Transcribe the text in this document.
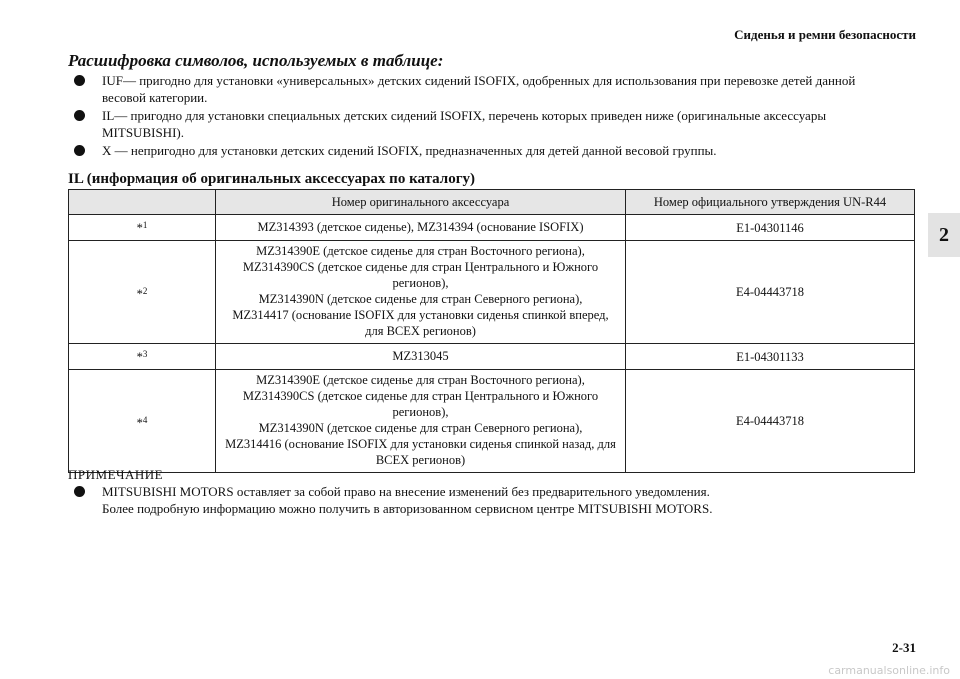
Сиденья и ремни безопасности
2
Расшифровка символов, используемых в таблице:
IUF— пригодно для установки «универсальных» детских сидений ISOFIX, одобренных для использования при перевозке детей данной весовой категории.
IL— пригодно для установки специальных детских сидений ISOFIX, перечень которых приведен ниже (оригинальные аксессуары MITSUBISHI).
X — непригодно для установки детских сидений ISOFIX, предназначенных для детей данной весовой группы.
IL (информация об оригинальных аксессуарах по каталогу)
	Номер оригинального аксессуара	Номер официального утверждения UN-R44
*$^1$	MZ314393 (детское сиденье), MZ314394 (основание ISOFIX)	E1-04301146
*$^2$	MZ314390E (детское сиденье для стран Восточного региона),
MZ314390CS (детское сиденье для стран Центрального и Южного регионов),
MZ314390N (детское сиденье для стран Северного региона),
MZ314417 (основание ISOFIX для установки сиденья спинкой вперед, для ВСЕХ регионов)	E4-04443718
*$^3$	MZ313045	E1-04301133
*$^4$	MZ314390E (детское сиденье для стран Восточного региона),
MZ314390CS (детское сиденье для стран Центрального и Южного регионов),
MZ314390N (детское сиденье для стран Северного региона),
MZ314416 (основание ISOFIX для установки сиденья спинкой назад, для ВСЕХ регионов)	E4-04443718
ПРИМЕЧАНИЕ
MITSUBISHI MOTORS оставляет за собой право на внесение изменений без предварительного уведомления.
Более подробную информацию можно получить в авторизованном сервисном центре MITSUBISHI MOTORS.
2-31
carmanualsonline.info
